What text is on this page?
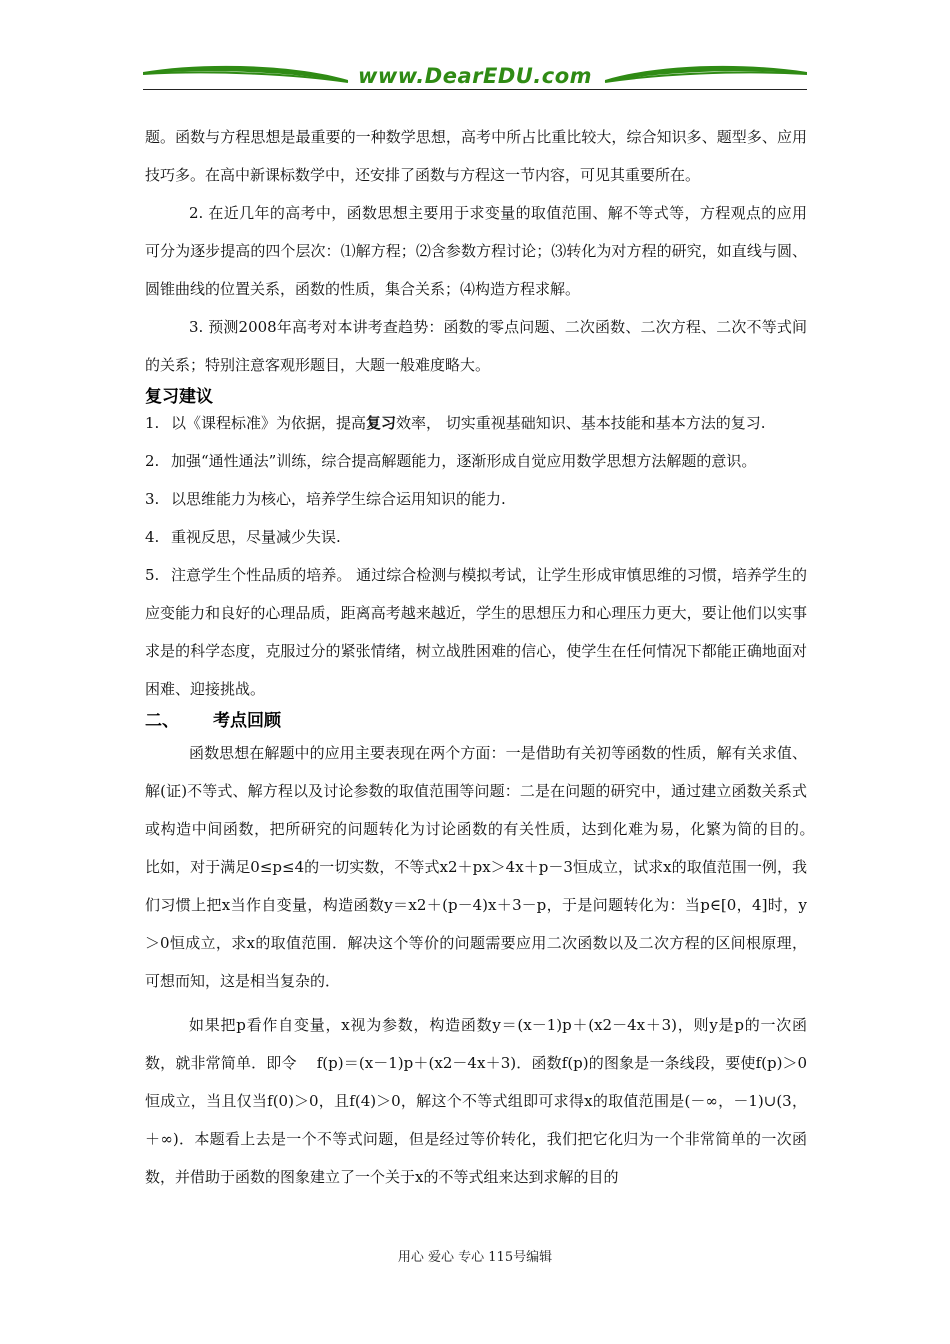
www.DearEDU.com

题。函数与方程思想是最重要的一种数学思想，高考中所占比重比较大，综合知识多、题型多、应用技巧多。在高中新课标数学中，还安排了函数与方程这一节内容，可见其重要所在。

2. 在近几年的高考中，函数思想主要用于求变量的取值范围、解不等式等，方程观点的应用可分为逐步提高的四个层次：⑴解方程；⑵含参数方程讨论；⑶转化为对方程的研究，如直线与圆、圆锥曲线的位置关系，函数的性质，集合关系；⑷构造方程求解。

3. 预测2008年高考对本讲考查趋势：函数的零点问题、二次函数、二次方程、二次不等式间的关系；特别注意客观形题目，大题一般难度略大。

复习建议

1. 以《课程标准》为依据，提高复习效率， 切实重视基础知识、基本技能和基本方法的复习.

2. 加强“通性通法”训练，综合提高解题能力，逐渐形成自觉应用数学思想方法解题的意识。

3. 以思维能力为核心，培养学生综合运用知识的能力.

4. 重视反思，尽量减少失误.

5. 注意学生个性品质的培养。 通过综合检测与模拟考试，让学生形成审慎思维的习惯，培养学生的应变能力和良好的心理品质，距离高考越来越近，学生的思想压力和心理压力更大，要让他们以实事求是的科学态度，克服过分的紧张情绪，树立战胜困难的信心，使学生在任何情况下都能正确地面对困难、迎接挑战。

二、 考点回顾

函数思想在解题中的应用主要表现在两个方面：一是借助有关初等函数的性质，解有关求值、解(证)不等式、解方程以及讨论参数的取值范围等问题：二是在问题的研究中，通过建立函数关系式或构造中间函数，把所研究的问题转化为讨论函数的有关性质，达到化难为易，化繁为简的目的。　比如，对于满足0≤p≤4的一切实数，不等式x2＋px＞4x＋p－3恒成立，试求x的取值范围一例，我们习惯上把x当作自变量，构造函数y＝x2＋(p－4)x＋3－p，于是问题转化为：当p∈[0，4]时，y＞0恒成立，求x的取值范围．解决这个等价的问题需要应用二次函数以及二次方程的区间根原理，可想而知，这是相当复杂的．

如果把p看作自变量，x视为参数，构造函数y＝(x－1)p＋(x2－4x＋3)，则y是p的一次函数，就非常简单．即令　 f(p)＝(x－1)p＋(x2－4x＋3)．函数f(p)的图象是一条线段，要使f(p)＞0恒成立，当且仅当f(0)＞0，且f(4)＞0，解这个不等式组即可求得x的取值范围是(－∞，－1)∪(3，＋∞)．本题看上去是一个不等式问题，但是经过等价转化，我们把它化归为一个非常简单的一次函数，并借助于函数的图象建立了一个关于x的不等式组来达到求解的目的

用心 爱心 专心 115号编辑
